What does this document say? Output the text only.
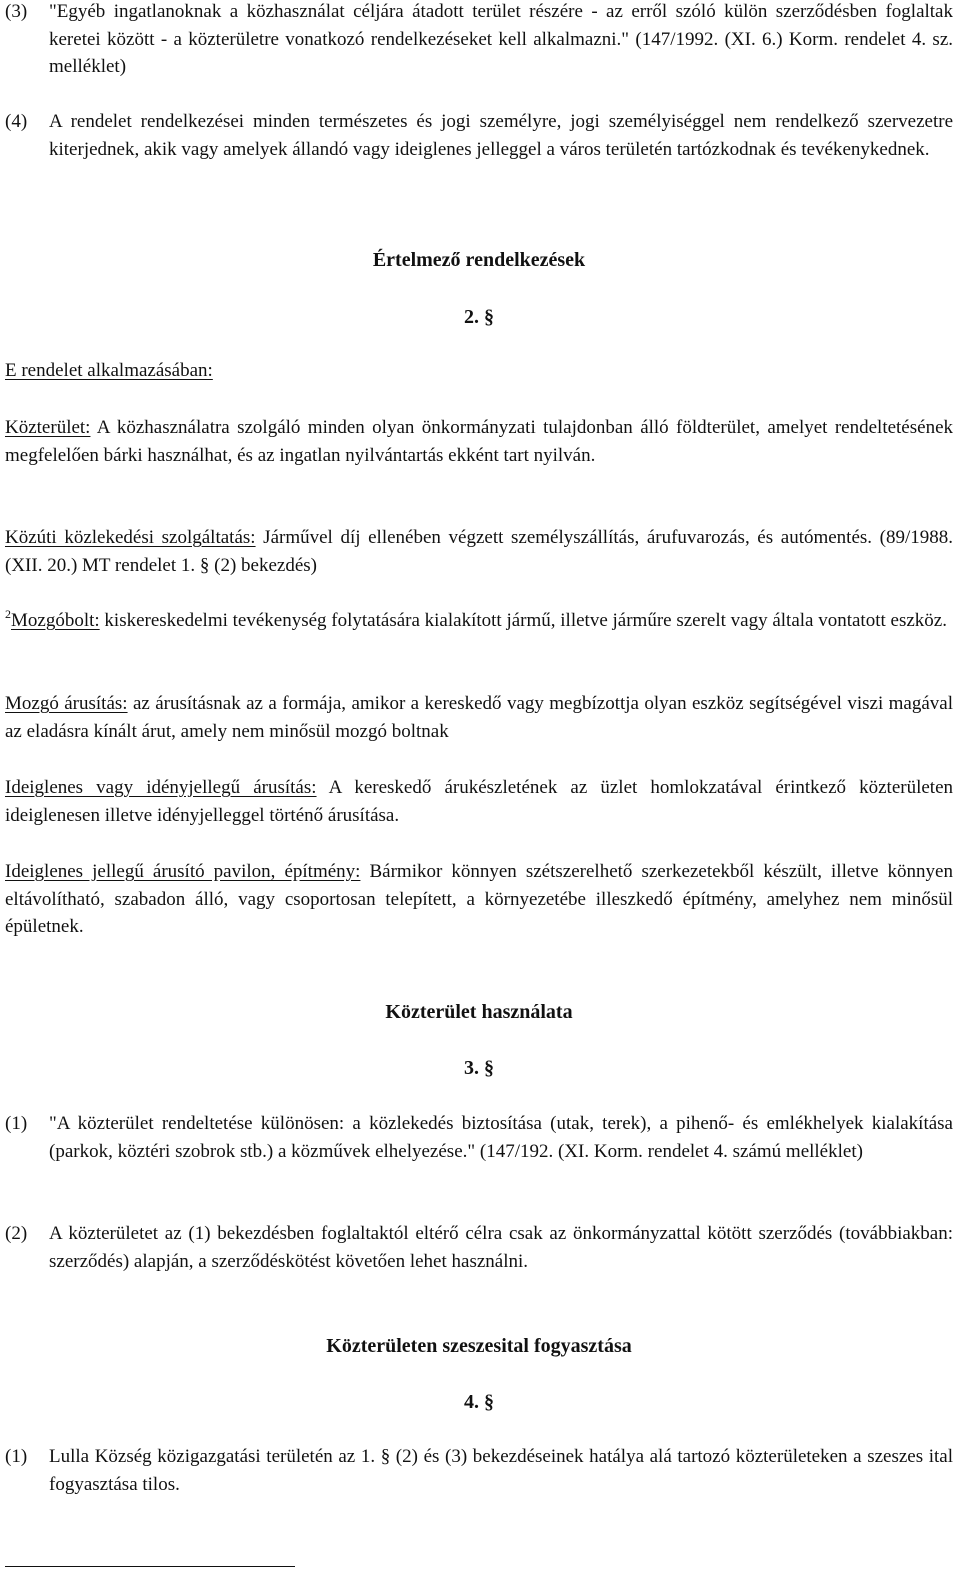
(3)	"Egyéb ingatlanoknak a közhasználat céljára átadott terület részére - az erről szóló külön szerződésben foglaltak keretei között - a közterületre vonatkozó rendelkezéseket kell alkalmazni." (147/1992. (XI. 6.) Korm. rendelet 4. sz. melléklet)
(4)	A rendelet rendelkezései minden természetes és jogi személyre, jogi személyiséggel nem rendelkező szervezetre kiterjednek, akik vagy amelyek állandó vagy ideiglenes jelleggel a város területén tartózkodnak és tevékenykednek.
Értelmező rendelkezések
2. §

E rendelet alkalmazásában:

Közterület: A közhasználatra szolgáló minden olyan önkormányzati tulajdonban álló földterület, amelyet rendeltetésének megfelelően bárki használhat, és az ingatlan nyilvántartás ekként tart nyilván.

Közúti közlekedési szolgáltatás: Járművel díj ellenében végzett személyszállítás, árufuvarozás, és autómentés. (89/1988. (XII. 20.) MT rendelet 1. § (2) bekezdés)

$^2$Mozgóbolt: kiskereskedelmi tevékenység folytatására kialakított jármű, illetve járműre szerelt vagy általa vontatott eszköz.

Mozgó árusítás: az árusításnak az a formája, amikor a kereskedő vagy megbízottja olyan eszköz segítségével viszi magával az eladásra kínált árut, amely nem minősül mozgó boltnak

Ideiglenes vagy idényjellegű árusítás: A kereskedő árukészletének az üzlet homlokzatával érintkező közterületen ideiglenesen illetve idényjelleggel történő árusítása.

Ideiglenes jellegű árusító pavilon, építmény: Bármikor könnyen szétszerelhető szerkezetekből készült, illetve könnyen eltávolítható, szabadon álló, vagy csoportosan telepített, a környezetébe illeszkedő építmény, amelyhez nem minősül épületnek.

Közterület használata
3. §
(1)	"A közterület rendeltetése különösen: a közlekedés biztosítása (utak, terek), a pihenő- és emlékhelyek kialakítása (parkok, köztéri szobrok stb.) a közművek elhelyezése." (147/192. (XI. Korm. rendelet 4. számú melléklet)
(2)	A közterületet az (1) bekezdésben foglaltaktól eltérő célra csak az önkormányzattal kötött szerződés (továbbiakban: szerződés) alapján, a szerződéskötést követően lehet használni.
Közterületen szeszesital fogyasztása
4. §
(1)	Lulla Község közigazgatási területén az 1. § (2) és (3) bekezdéseinek hatálya alá tartozó közterületeken a szeszes ital fogyasztása tilos.
